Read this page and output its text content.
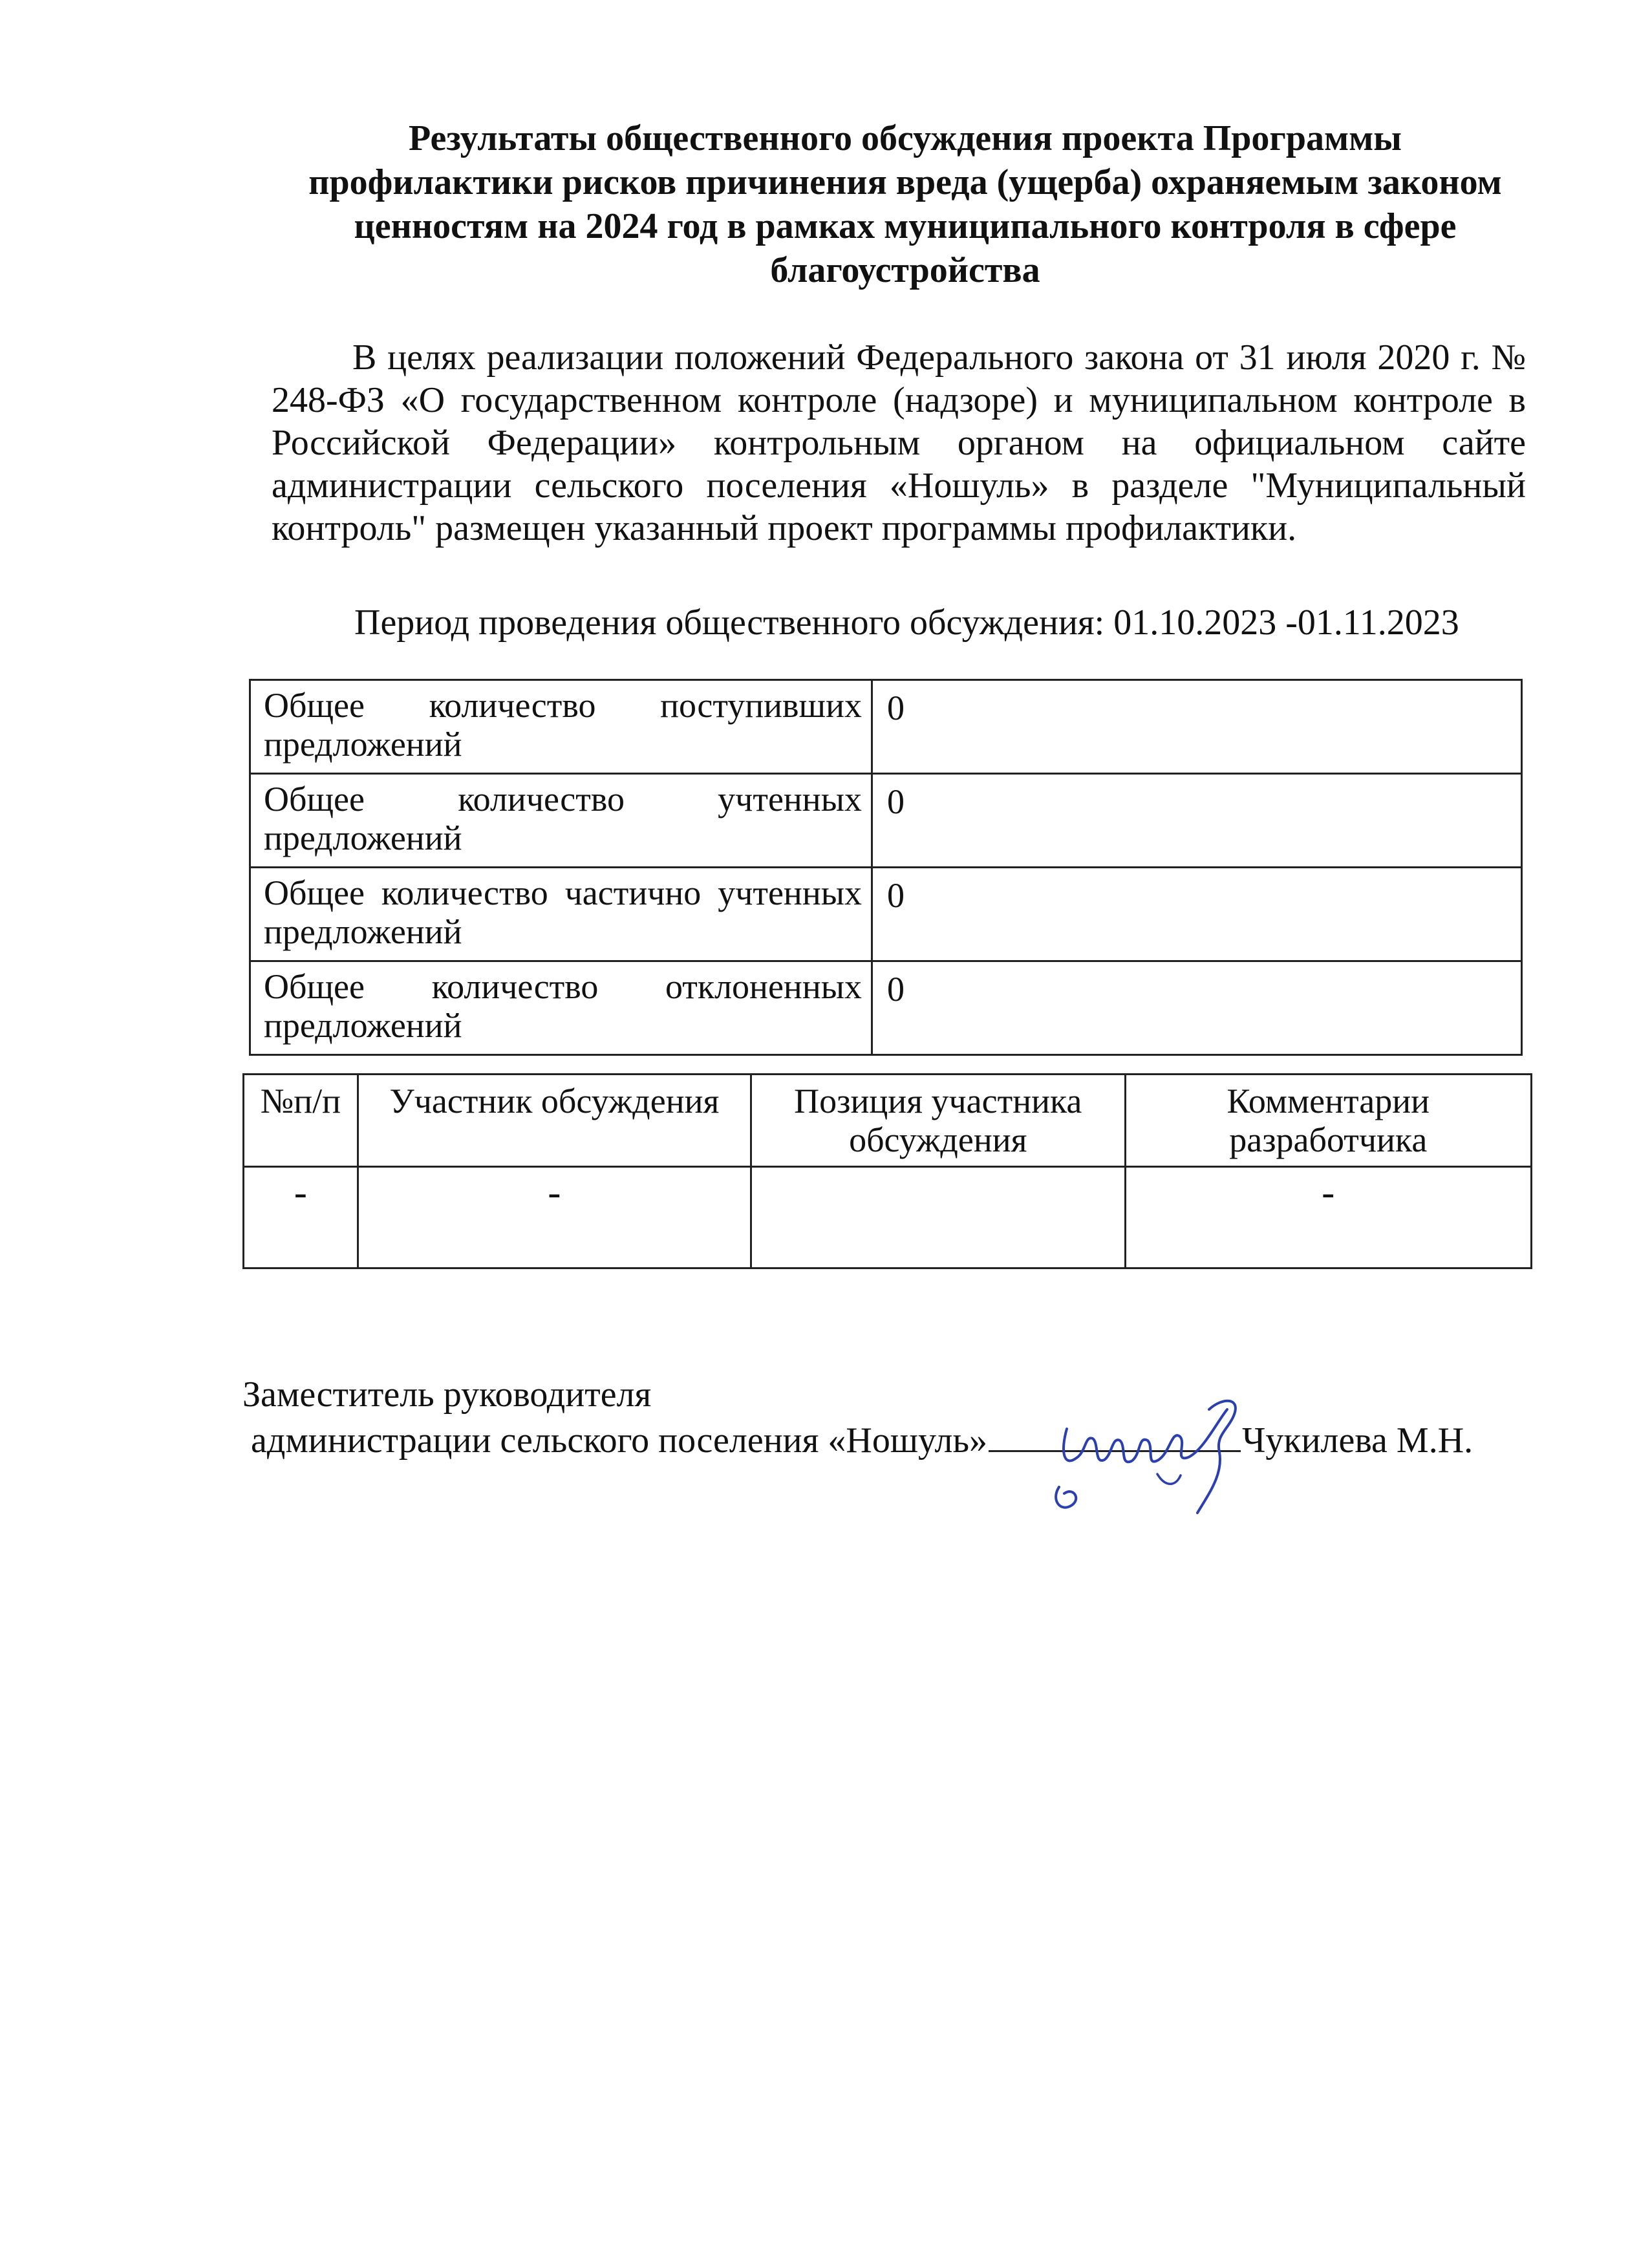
Результаты общественного обсуждения проекта Программы
профилактики рисков причинения вреда (ущерба) охраняемым законом
ценностям на 2024 год в рамках муниципального контроля в сфере
благоустройства

В целях реализации положений Федерального закона от 31 июля 2020 г. № 248-ФЗ «О государственном контроле (надзоре) и муниципальном контроле в Российской Федерации» контрольным органом на официальном сайте администрации сельского поселения «Ношуль» в разделе "Муниципальный контроль" размещен указанный проект программы профилактики.

Период проведения общественного обсуждения: 01.10.2023 -01.11.2023
Общее количество поступивших предложений	0
Общее количество учтенных предложений	0
Общее количество частично учтенных предложений	0
Общее количество отклоненных предложений	0
№п/п	Участник обсуждения	Позиция участника обсуждения	Комментарии разработчика
-	-		-
Заместитель руководителя
администрации сельского поселения «Ношуль»	Чукилева М.Н.
